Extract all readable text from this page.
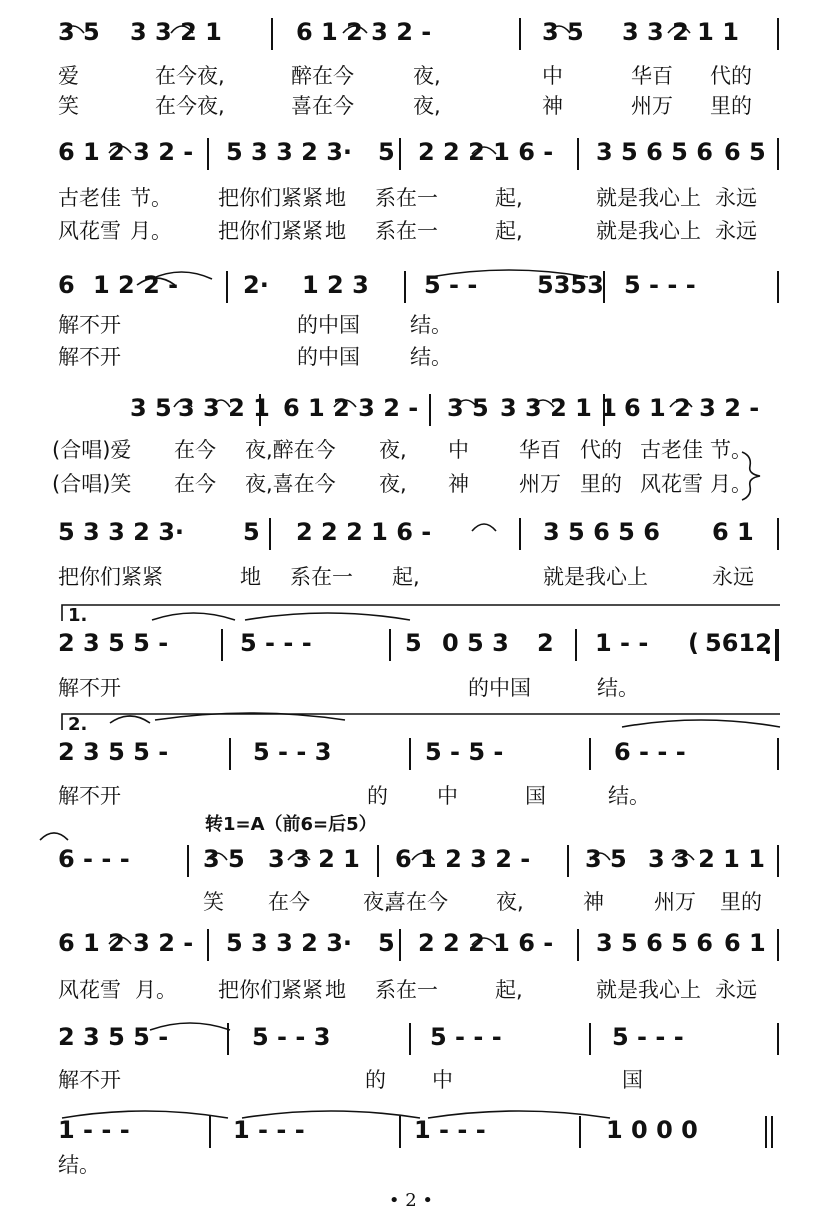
3 5 3 3 2 1	6 1 2 3 2 -	3 5 3 3 2 1 1
6 1 2 3 2 - 5 3 3 2 3· 5 2 2 2 1 6 - 3 5 6 5 6 6 5
6 1 2 2 -	2· 1 2 3 5 - - 5353 5 - - -
3 5 3 3 2 1 6 1 2 3 2 - 3 5 3 3 2 1 1 6 1 2 3 2 -
5 3 3 2 3· 5 2 2 2 1 6 -	3 5 6 5 6 6 1
2 3 5 5 -	5 - - -	5 0 5 3 2 1 - - ( 5612
2 3 5 5 -	5 - - 3	5 - 5 -	6 - - -
6 - - -	3 5 3 3 2 1 6 1 2 3 2 - 3 5 3 3 2 1 1
6 1 2 3 2 - 5 3 3 2 3· 5 2 2 2 1 6 - 3 5 6 5 6 6 1
2 3 5 5 -	5 - - 3	5 - - -	5 - - -
1 - - -	1 - - -	1 - - -	1 0 0 0
爱	在今夜,	醉在今	夜,	中	华百 代的
笑	在今夜,	喜在今	夜,	神	州万 里的
古老佳 节。 把你们紧紧 地 系在一	起,	就是我心上 永远
风花雪 月。 把你们紧紧 地 系在一	起,	就是我心上 永远
解不开	的中国 结。
解不开	的中国 结。
(合唱)爱 在今 夜,醉在今 夜, 中 华百 代的 古老佳 节。
(合唱)笑 在今 夜,喜在今 夜, 神 州万 里的 风花雪 月。
把你们紧紧	地 系在一 起,	就是我心上	永远
解不开	的中国	结。
解不开	的 中	国	结。
笑 在今	夜,
喜在今 夜,	神 州万 里的
风花雪 月。 把你们紧紧 地 系在一	起,	就是我心上 永远
解不开	的 中	国
结。
1.
2.
转1=A（前6=后5）
• 2 •
